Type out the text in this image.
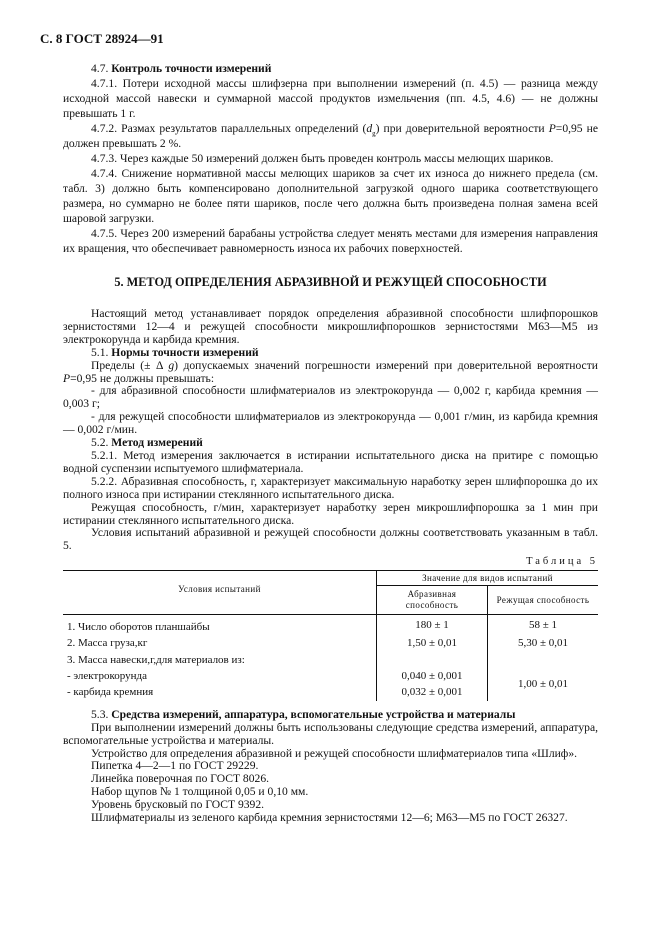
С. 8 ГОСТ 28924—91

4.7. Контроль точности измерений

4.7.1. Потери исходной массы шлифзерна при выполнении измерений (п. 4.5) — разница между исходной массой навески и суммарной массой продуктов измельчения (пп. 4.5, 4.6) — не должны превышать 1 г.

4.7.2. Размах результатов параллельных определений $(d_g)$ при доверительной вероятности P=0,95 не должен превышать 2 %.

4.7.3. Через каждые 50 измерений должен быть проведен контроль массы мелющих шариков.

4.7.4. Снижение нормативной массы мелющих шариков за счет их износа до нижнего предела (см. табл. 3) должно быть компенсировано дополнительной загрузкой одного шарика соответствующего размера, но суммарно не более пяти шариков, после чего должна быть произведена полная замена всей шаровой загрузки.

4.7.5. Через 200 измерений барабаны устройства следует менять местами для измерения направления их вращения, что обеспечивает равномерность износа их рабочих поверхностей.

5. МЕТОД ОПРЕДЕЛЕНИЯ АБРАЗИВНОЙ И РЕЖУЩЕЙ СПОСОБНОСТИ

Настоящий метод устанавливает порядок определения абразивной способности шлифпорошков зернистостями 12—4 и режущей способности микрошлифпорошков зернистостями М63—М5 из электрокорунда и карбида кремния.

5.1. Нормы точности измерений

Пределы (± Δ g) допускаемых значений погрешности измерений при доверительной вероятности P=0,95 не должны превышать:

- для абразивной способности шлифматериалов из электрокорунда — 0,002 г, карбида кремния — 0,003 г;

- для режущей способности шлифматериалов из электрокорунда — 0,001 г/мин, из карбида кремния — 0,002 г/мин.

5.2. Метод измерений

5.2.1. Метод измерения заключается в истирании испытательного диска на притире с помощью водной суспензии испытуемого шлифматериала.

5.2.2. Абразивная способность, г, характеризует максимальную наработку зерен шлифпорошка до их полного износа при истирании стеклянного испытательного диска.

Режущая способность, г/мин, характеризует наработку зерен микрошлифпорошка за 1 мин при истирании стеклянного испытательного диска.

Условия испытаний абразивной и режущей способности должны соответствовать указанным в табл. 5.

Таблица 5
Условия испытаний	Значение для видов испытаний	
	Абразивная способность	Режущая способность
1. Число оборотов планшайбы	180 ± 1	58 ± 1
2. Масса груза,кг	1,50 ± 0,01	5,30 ± 0,01
3. Масса навески,г,для материалов из:		
- электрокорунда	0,040 ± 0,001	1,00 ± 0,01
- карбида кремния	0,032 ± 0,001	

5.3. Средства измерений, аппаратура, вспомогательные устройства и материалы

При выполнении измерений должны быть использованы следующие средства измерений, аппаратура, вспомогательные устройства и материалы.

Устройство для определения абразивной и режущей способности шлифматериалов типа «Шлиф».

Пипетка 4—2—1 по ГОСТ 29229.

Линейка поверочная по ГОСТ 8026.

Набор щупов № 1 толщиной 0,05 и 0,10 мм.

Уровень брусковый по ГОСТ 9392.

Шлифматериалы из зеленого карбида кремния зернистостями 12—6; М63—М5 по ГОСТ 26327.
